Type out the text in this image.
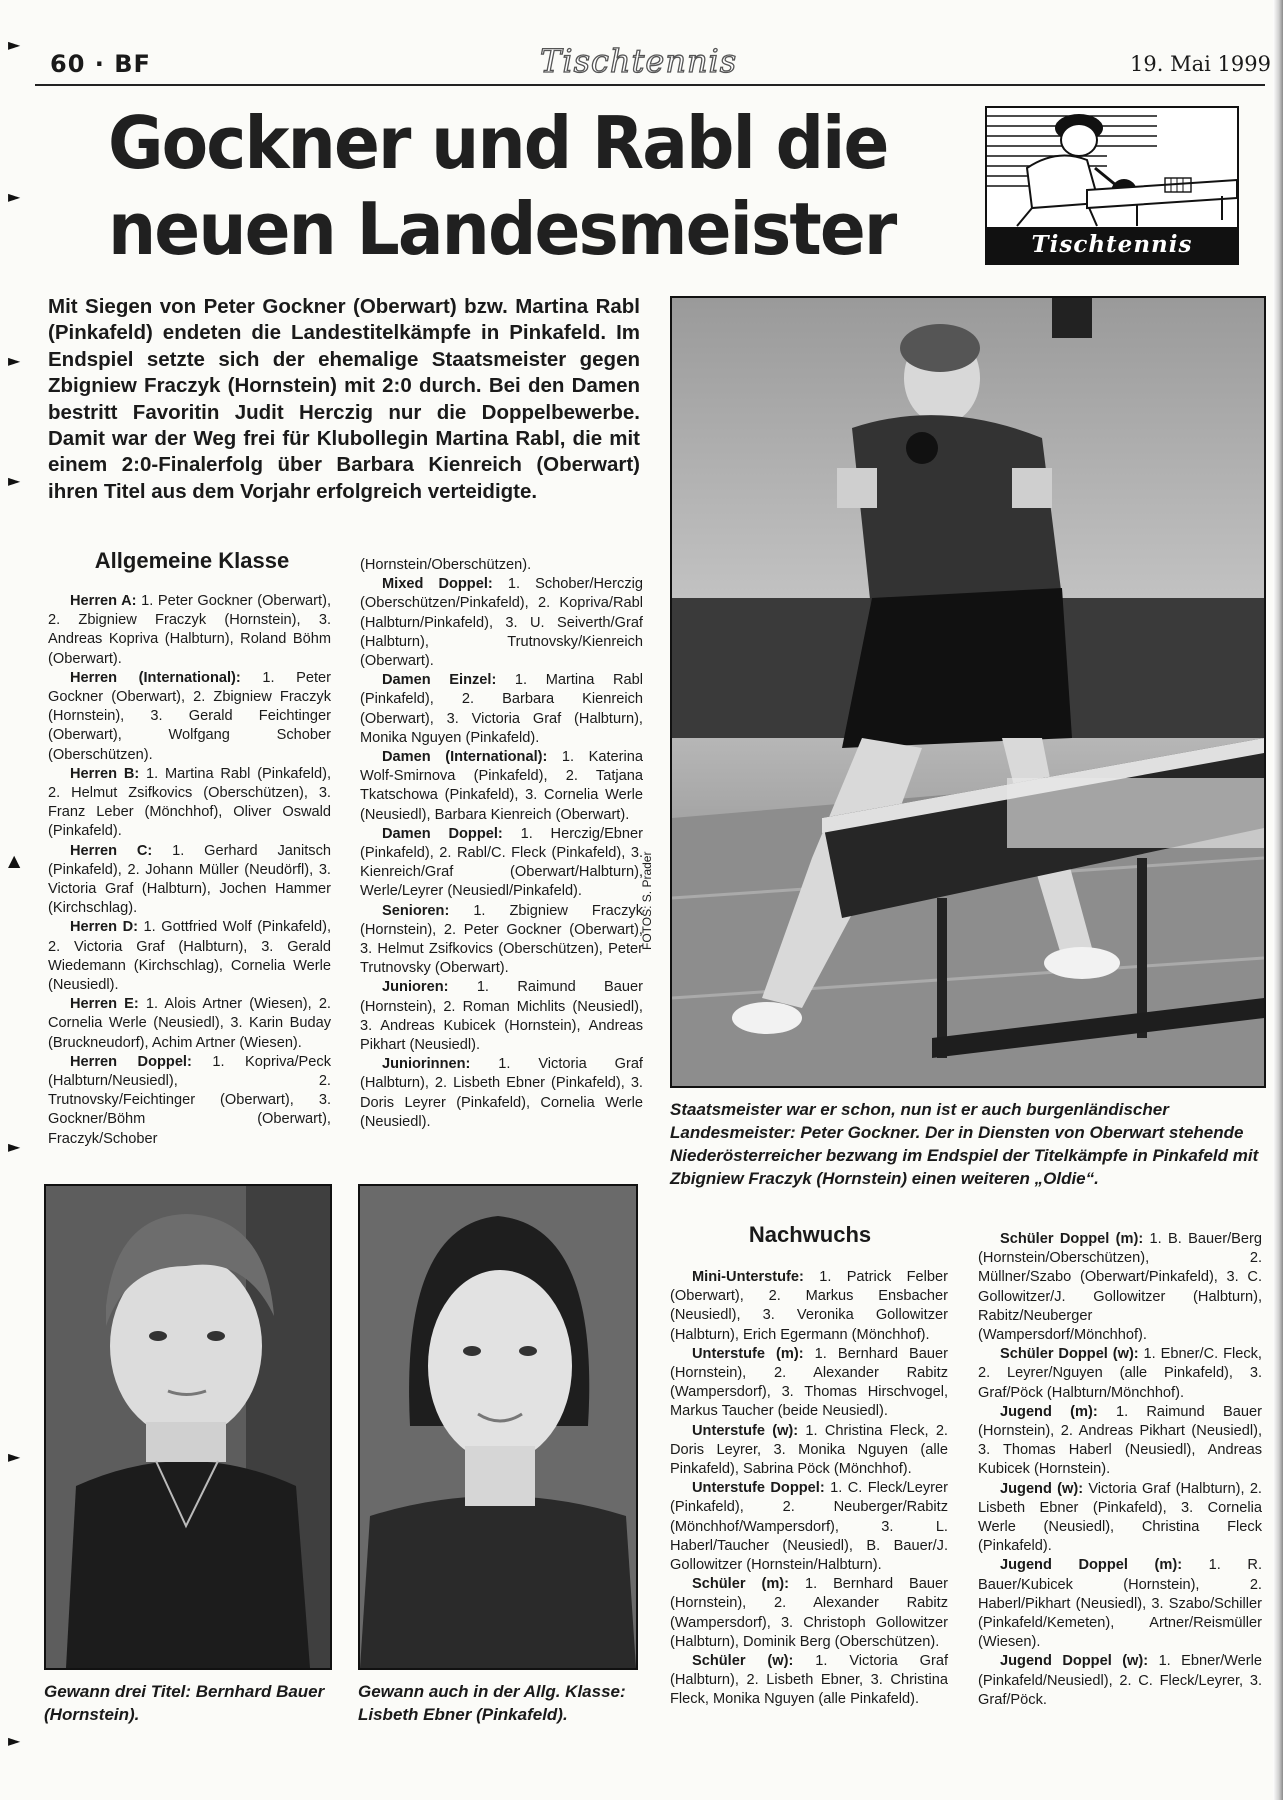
►
►
►
►
▲
►
►
►
60 · BF	Tischtennis	19. Mai 1999
Gockner und Rabl die
neuen Landesmeister	Tischtennis
Mit Siegen von Peter Gockner (Oberwart) bzw. Martina Rabl (Pinkafeld) endeten die Landestitelkämpfe in Pinkafeld. Im Endspiel setzte sich der ehemalige Staatsmeister gegen Zbigniew Fraczyk (Hornstein) mit 2:0 durch. Bei den Damen bestritt Favoritin Judit Herczig nur die Doppelbewerbe. Damit war der Weg frei für Klubollegin Martina Rabl, die mit einem 2:0-Finalerfolg über Barbara Kienreich (Oberwart) ihren Titel aus dem Vorjahr erfolgreich verteidigte.
Allgemeine Klasse

Herren A: 1. Peter Gockner (Oberwart), 2. Zbigniew Fraczyk (Hornstein), 3. Andreas Kopriva (Halbturn), Roland Böhm (Oberwart).

Herren (International): 1. Peter Gockner (Oberwart), 2. Zbigniew Fraczyk (Hornstein), 3. Gerald Feichtinger (Oberwart), Wolfgang Schober (Oberschützen).

Herren B: 1. Martina Rabl (Pinkafeld), 2. Helmut Zsifkovics (Oberschützen), 3. Franz Leber (Mönchhof), Oliver Oswald (Pinkafeld).

Herren C: 1. Gerhard Janitsch (Pinkafeld), 2. Johann Müller (Neudörfl), 3. Victoria Graf (Halbturn), Jochen Hammer (Kirchschlag).

Herren D: 1. Gottfried Wolf (Pinkafeld), 2. Victoria Graf (Halbturn), 3. Gerald Wiedemann (Kirchschlag), Cornelia Werle (Neusiedl).

Herren E: 1. Alois Artner (Wiesen), 2. Cornelia Werle (Neusiedl), 3. Karin Buday (Bruckneudorf), Achim Artner (Wiesen).

Herren Doppel: 1. Kopriva/Peck (Halbturn/Neusiedl), 2. Trutnovsky/Feichtinger (Oberwart), 3. Gockner/Böhm (Oberwart), Fraczyk/Schober

(Hornstein/Oberschützen).

Mixed Doppel: 1. Schober/Herczig (Oberschützen/Pinkafeld), 2. Kopriva/Rabl (Halbturn/Pinkafeld), 3. U. Seiverth/Graf (Halbturn), Trutnovsky/Kienreich (Oberwart).

Damen Einzel: 1. Martina Rabl (Pinkafeld), 2. Barbara Kienreich (Oberwart), 3. Victoria Graf (Halbturn), Monika Nguyen (Pinkafeld).

Damen (International): 1. Katerina Wolf-Smirnova (Pinkafeld), 2. Tatjana Tkatschowa (Pinkafeld), 3. Cornelia Werle (Neusiedl), Barbara Kienreich (Oberwart).

Damen Doppel: 1. Herczig/Ebner (Pinkafeld), 2. Rabl/C. Fleck (Pinkafeld), 3. Kienreich/Graf (Oberwart/Halbturn), Werle/Leyrer (Neusiedl/Pinkafeld).

Senioren: 1. Zbigniew Fraczyk (Hornstein), 2. Peter Gockner (Oberwart), 3. Helmut Zsifkovics (Oberschützen), Peter Trutnovsky (Oberwart).

Junioren: 1. Raimund Bauer (Hornstein), 2. Roman Michlits (Neusiedl), 3. Andreas Kubicek (Hornstein), Andreas Pikhart (Neusiedl).

Juniorinnen: 1. Victoria Graf (Halbturn), 2. Lisbeth Ebner (Pinkafeld), 3. Doris Leyrer (Pinkafeld), Cornelia Werle (Neusiedl).

FOTOS: S. Prader
Staatsmeister war er schon, nun ist er auch burgenländischer Landesmeister: Peter Gockner. Der in Diensten von Oberwart stehende Niederösterreicher bezwang im Endspiel der Titelkämpfe in Pinkafeld mit Zbigniew Fraczyk (Hornstein) einen weiteren „Oldie“.
Gewann drei Titel: Bernhard Bauer (Hornstein).
Gewann auch in der Allg. Klasse: Lisbeth Ebner (Pinkafeld).
Nachwuchs

Mini-Unterstufe: 1. Patrick Felber (Oberwart), 2. Markus Ensbacher (Neusiedl), 3. Veronika Gollowitzer (Halbturn), Erich Egermann (Mönchhof).

Unterstufe (m): 1. Bernhard Bauer (Hornstein), 2. Alexander Rabitz (Wampersdorf), 3. Thomas Hirschvogel, Markus Taucher (beide Neusiedl).

Unterstufe (w): 1. Christina Fleck, 2. Doris Leyrer, 3. Monika Nguyen (alle Pinkafeld), Sabrina Pöck (Mönchhof).

Unterstufe Doppel: 1. C. Fleck/Leyrer (Pinkafeld), 2. Neuberger/Rabitz (Mönchhof/Wampersdorf), 3. L. Haberl/Taucher (Neusiedl), B. Bauer/J. Gollowitzer (Hornstein/Halbturn).

Schüler (m): 1. Bernhard Bauer (Hornstein), 2. Alexander Rabitz (Wampersdorf), 3. Christoph Gollowitzer (Halbturn), Dominik Berg (Oberschützen).

Schüler (w): 1. Victoria Graf (Halbturn), 2. Lisbeth Ebner, 3. Christina Fleck, Monika Nguyen (alle Pinkafeld).

Schüler Doppel (m): 1. B. Bauer/Berg (Hornstein/Oberschützen), 2. Müllner/Szabo (Oberwart/Pinkafeld), 3. C. Gollowitzer/J. Gollowitzer (Halbturn), Rabitz/Neuberger (Wampersdorf/Mönchhof).

Schüler Doppel (w): 1. Ebner/C. Fleck, 2. Leyrer/Nguyen (alle Pinkafeld), 3. Graf/Pöck (Halbturn/Mönchhof).

Jugend (m): 1. Raimund Bauer (Hornstein), 2. Andreas Pikhart (Neusiedl), 3. Thomas Haberl (Neusiedl), Andreas Kubicek (Hornstein).

Jugend (w): Victoria Graf (Halbturn), 2. Lisbeth Ebner (Pinkafeld), 3. Cornelia Werle (Neusiedl), Christina Fleck (Pinkafeld).

Jugend Doppel (m): 1. R. Bauer/Kubicek (Hornstein), 2. Haberl/Pikhart (Neusiedl), 3. Szabo/Schiller (Pinkafeld/Kemeten), Artner/Reismüller (Wiesen).

Jugend Doppel (w): 1. Ebner/Werle (Pinkafeld/Neusiedl), 2. C. Fleck/Leyrer, 3. Graf/Pöck.
